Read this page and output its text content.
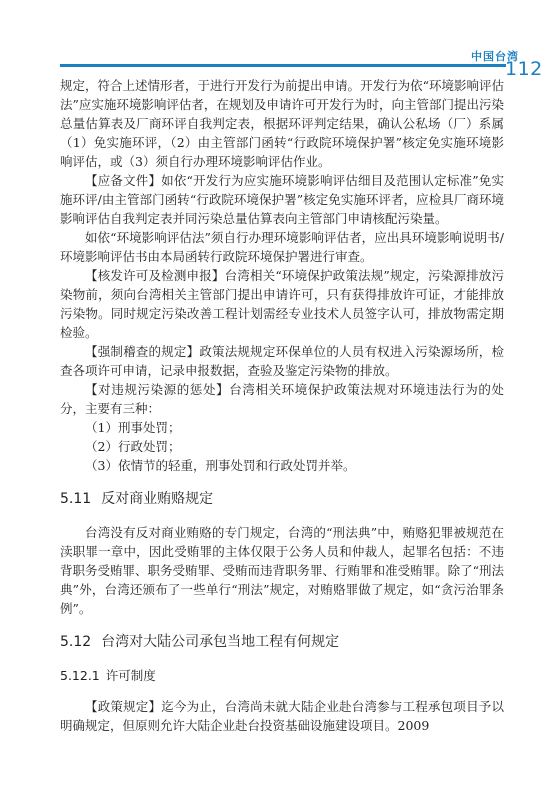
中国台湾
112

规定，符合上述情形者，于进行开发行为前提出申请。开发行为依“环境影响评估法”应实施环境影响评估者，在规划及申请许可开发行为时，向主管部门提出污染总量估算表及厂商环评自我判定表，根据环评判定结果，确认公私场（厂）系属（1）免实施环评，（2）由主管部门函转“行政院环境保护署”核定免实施环境影响评估，或（3）须自行办理环境影响评估作业。

【应备文件】如依“开发行为应实施环境影响评估细目及范围认定标准”免实施环评/由主管部门函转“行政院环境保护署”核定免实施环评者，应检具厂商环境影响评估自我判定表并同污染总量估算表向主管部门申请核配污染量。

如依“环境影响评估法”须自行办理环境影响评估者，应出具环境影响说明书/环境影响评估书由本局函转行政院环境保护署进行审查。

【核发许可及检测申报】台湾相关“环境保护政策法规”规定，污染源排放污染物前，须向台湾相关主管部门提出申请许可，只有获得排放许可证，才能排放污染物。同时规定污染改善工程计划需经专业技术人员签字认可，排放物需定期检验。

【强制稽查的规定】政策法规规定环保单位的人员有权进入污染源场所，检查各项许可申请，记录申报数据，查验及鉴定污染物的排放。

【对违规污染源的惩处】台湾相关环境保护政策法规对环境违法行为的处分，主要有三种：

（1）刑事处罚；

（2）行政处罚；

（3）依情节的轻重，刑事处罚和行政处罚并举。

5.11 反对商业贿赂规定

台湾没有反对商业贿赂的专门规定，台湾的“刑法典”中，贿赂犯罪被规范在渎职罪一章中，因此受贿罪的主体仅限于公务人员和仲裁人，起罪名包括：不违背职务受贿罪、职务受贿罪、受贿而违背职务罪、行贿罪和准受贿罪。除了“刑法典”外，台湾还颁布了一些单行“刑法”规定，对贿赂罪做了规定，如“贪污治罪条例”。

5.12 台湾对大陆公司承包当地工程有何规定
5.12.1 许可制度

【政策规定】迄今为止，台湾尚未就大陆企业赴台湾参与工程承包项目予以明确规定，但原则允许大陆企业赴台投资基础设施建设项目。2009
